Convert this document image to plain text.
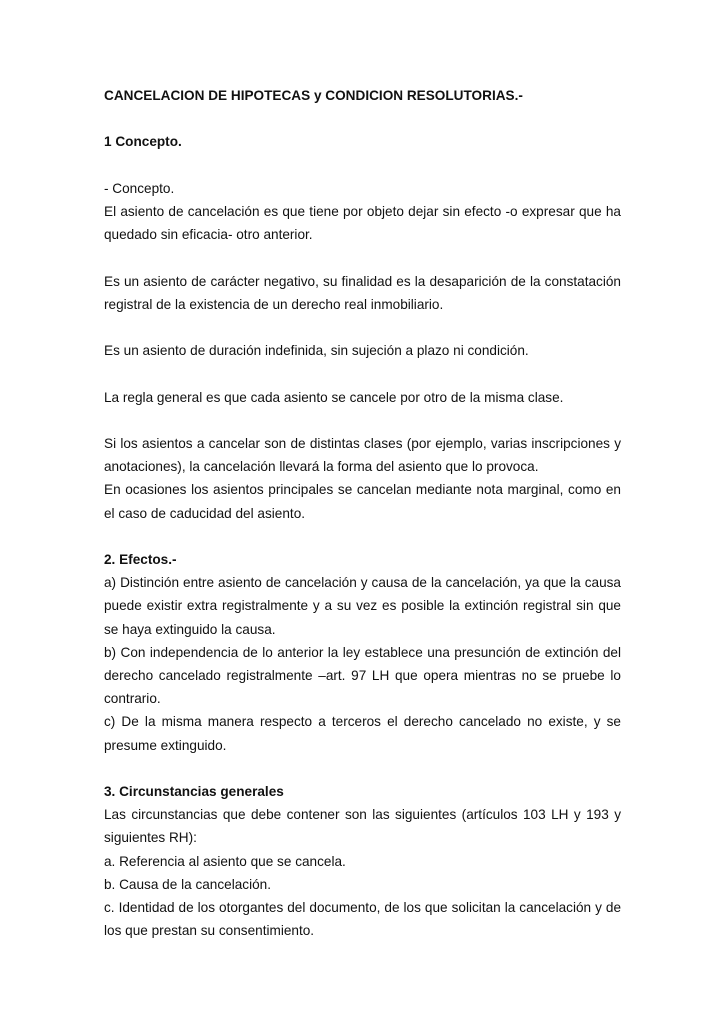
CANCELACION DE HIPOTECAS y CONDICION RESOLUTORIAS.-
1 Concepto.

- Concepto.

El asiento de cancelación es que tiene por objeto dejar sin efecto -o expresar que ha quedado sin eficacia- otro anterior.

Es un asiento de carácter negativo, su finalidad es la desaparición de la constatación registral de la existencia de un derecho real inmobiliario.

Es un asiento de duración indefinida, sin sujeción a plazo ni condición.

La regla general es que cada asiento se cancele por otro de la misma clase.

Si los asientos a cancelar son de distintas clases (por ejemplo, varias inscripciones y anotaciones), la cancelación llevará la forma del asiento que lo provoca.

En ocasiones los asientos principales se cancelan mediante nota marginal, como en el caso de caducidad del asiento.

2. Efectos.-

a) Distinción entre asiento de cancelación y causa de la cancelación, ya que la causa puede existir extra registralmente y a su vez es posible la extinción registral sin que se haya extinguido la causa.

b) Con independencia de lo anterior la ley establece una presunción de extinción del derecho cancelado registralmente –art. 97 LH que opera mientras no se pruebe lo contrario.

c) De la misma manera respecto a terceros el derecho cancelado no existe, y se presume extinguido.

3. Circunstancias generales

Las circunstancias que debe contener son las siguientes (artículos 103 LH y 193 y siguientes RH):

a. Referencia al asiento que se cancela.

b. Causa de la cancelación.

c. Identidad de los otorgantes del documento, de los que solicitan la cancelación y de los que prestan su consentimiento.
